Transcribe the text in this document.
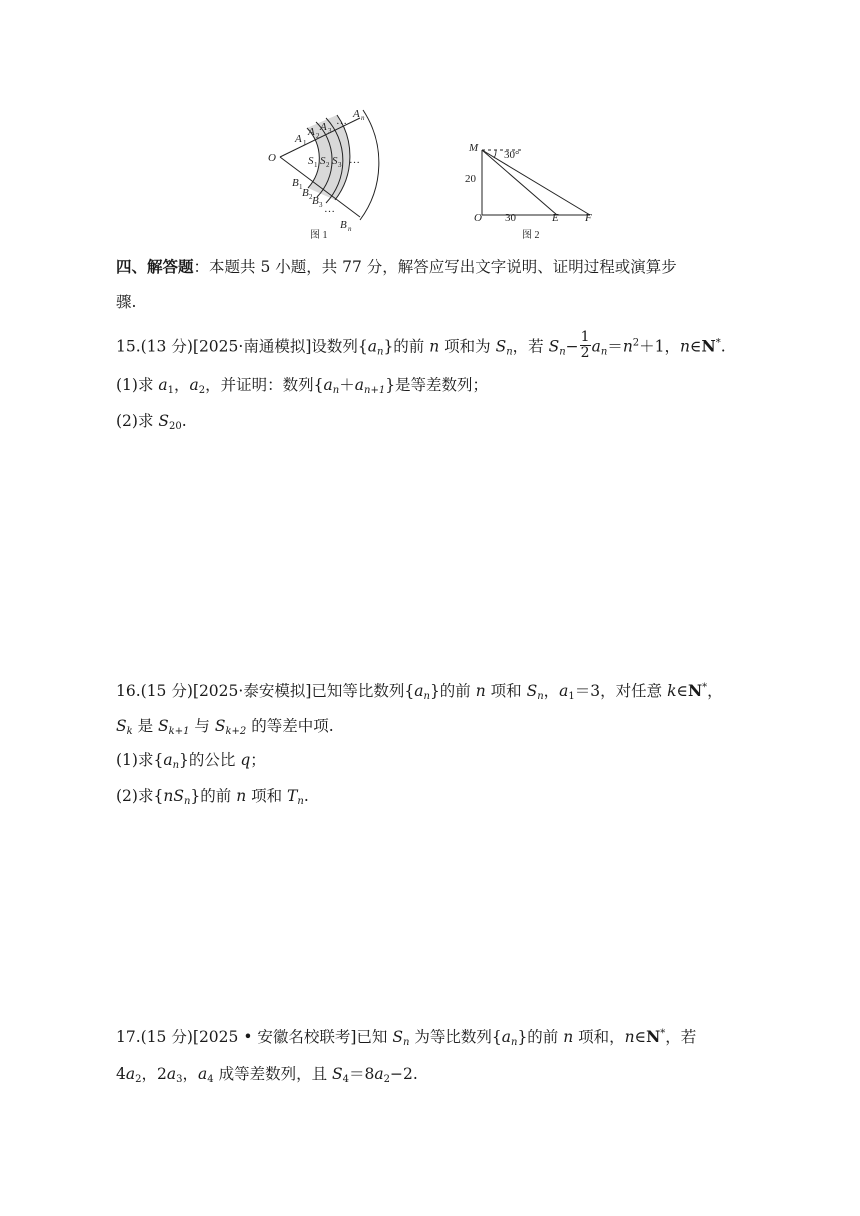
O
A 1
A 2
A 3
…
A n
S 1 S 2 S 3 …
B 1 B 2 B 3 …
B n
图 1
M
30°
20
O 30	E F
图 2
四、解答题：本题共 5 小题，共 77 分，解答应写出文字说明、证明过程或演算步
骤.
15.(13 分)[2025·南通模拟]设数列$\{a_n\}$的前 n 项和为 $S_n$，若 $S_n- \frac{1}{2} a_n=n^2+1$，n∈N*.
(1)求 $a_1$，$a_2$，并证明：数列$\{a_n+a_{n+1}\}$是等差数列；
(2)求 $S_{20}$.
16.(15 分)[2025·泰安模拟]已知等比数列$\{a_n\}$的前 n 项和 $S_n$，$a_1=3$，对任意 k∈N*，
$S_k$ 是 $S_{k+1}$ 与 $S_{k+2}$ 的等差中项.
(1)求$\{a_n\}$的公比 q；
(2)求$\{nS_n\}$的前 n 项和 $T_n$.
17.(15 分)[2025 • 安徽名校联考]已知 $S_n$ 为等比数列$\{a_n\}$的前 n 项和，n∈N*，若
$4a_2$，$2a_3$，$a_4$ 成等差数列，且 $S_4=8a_2-2$.
